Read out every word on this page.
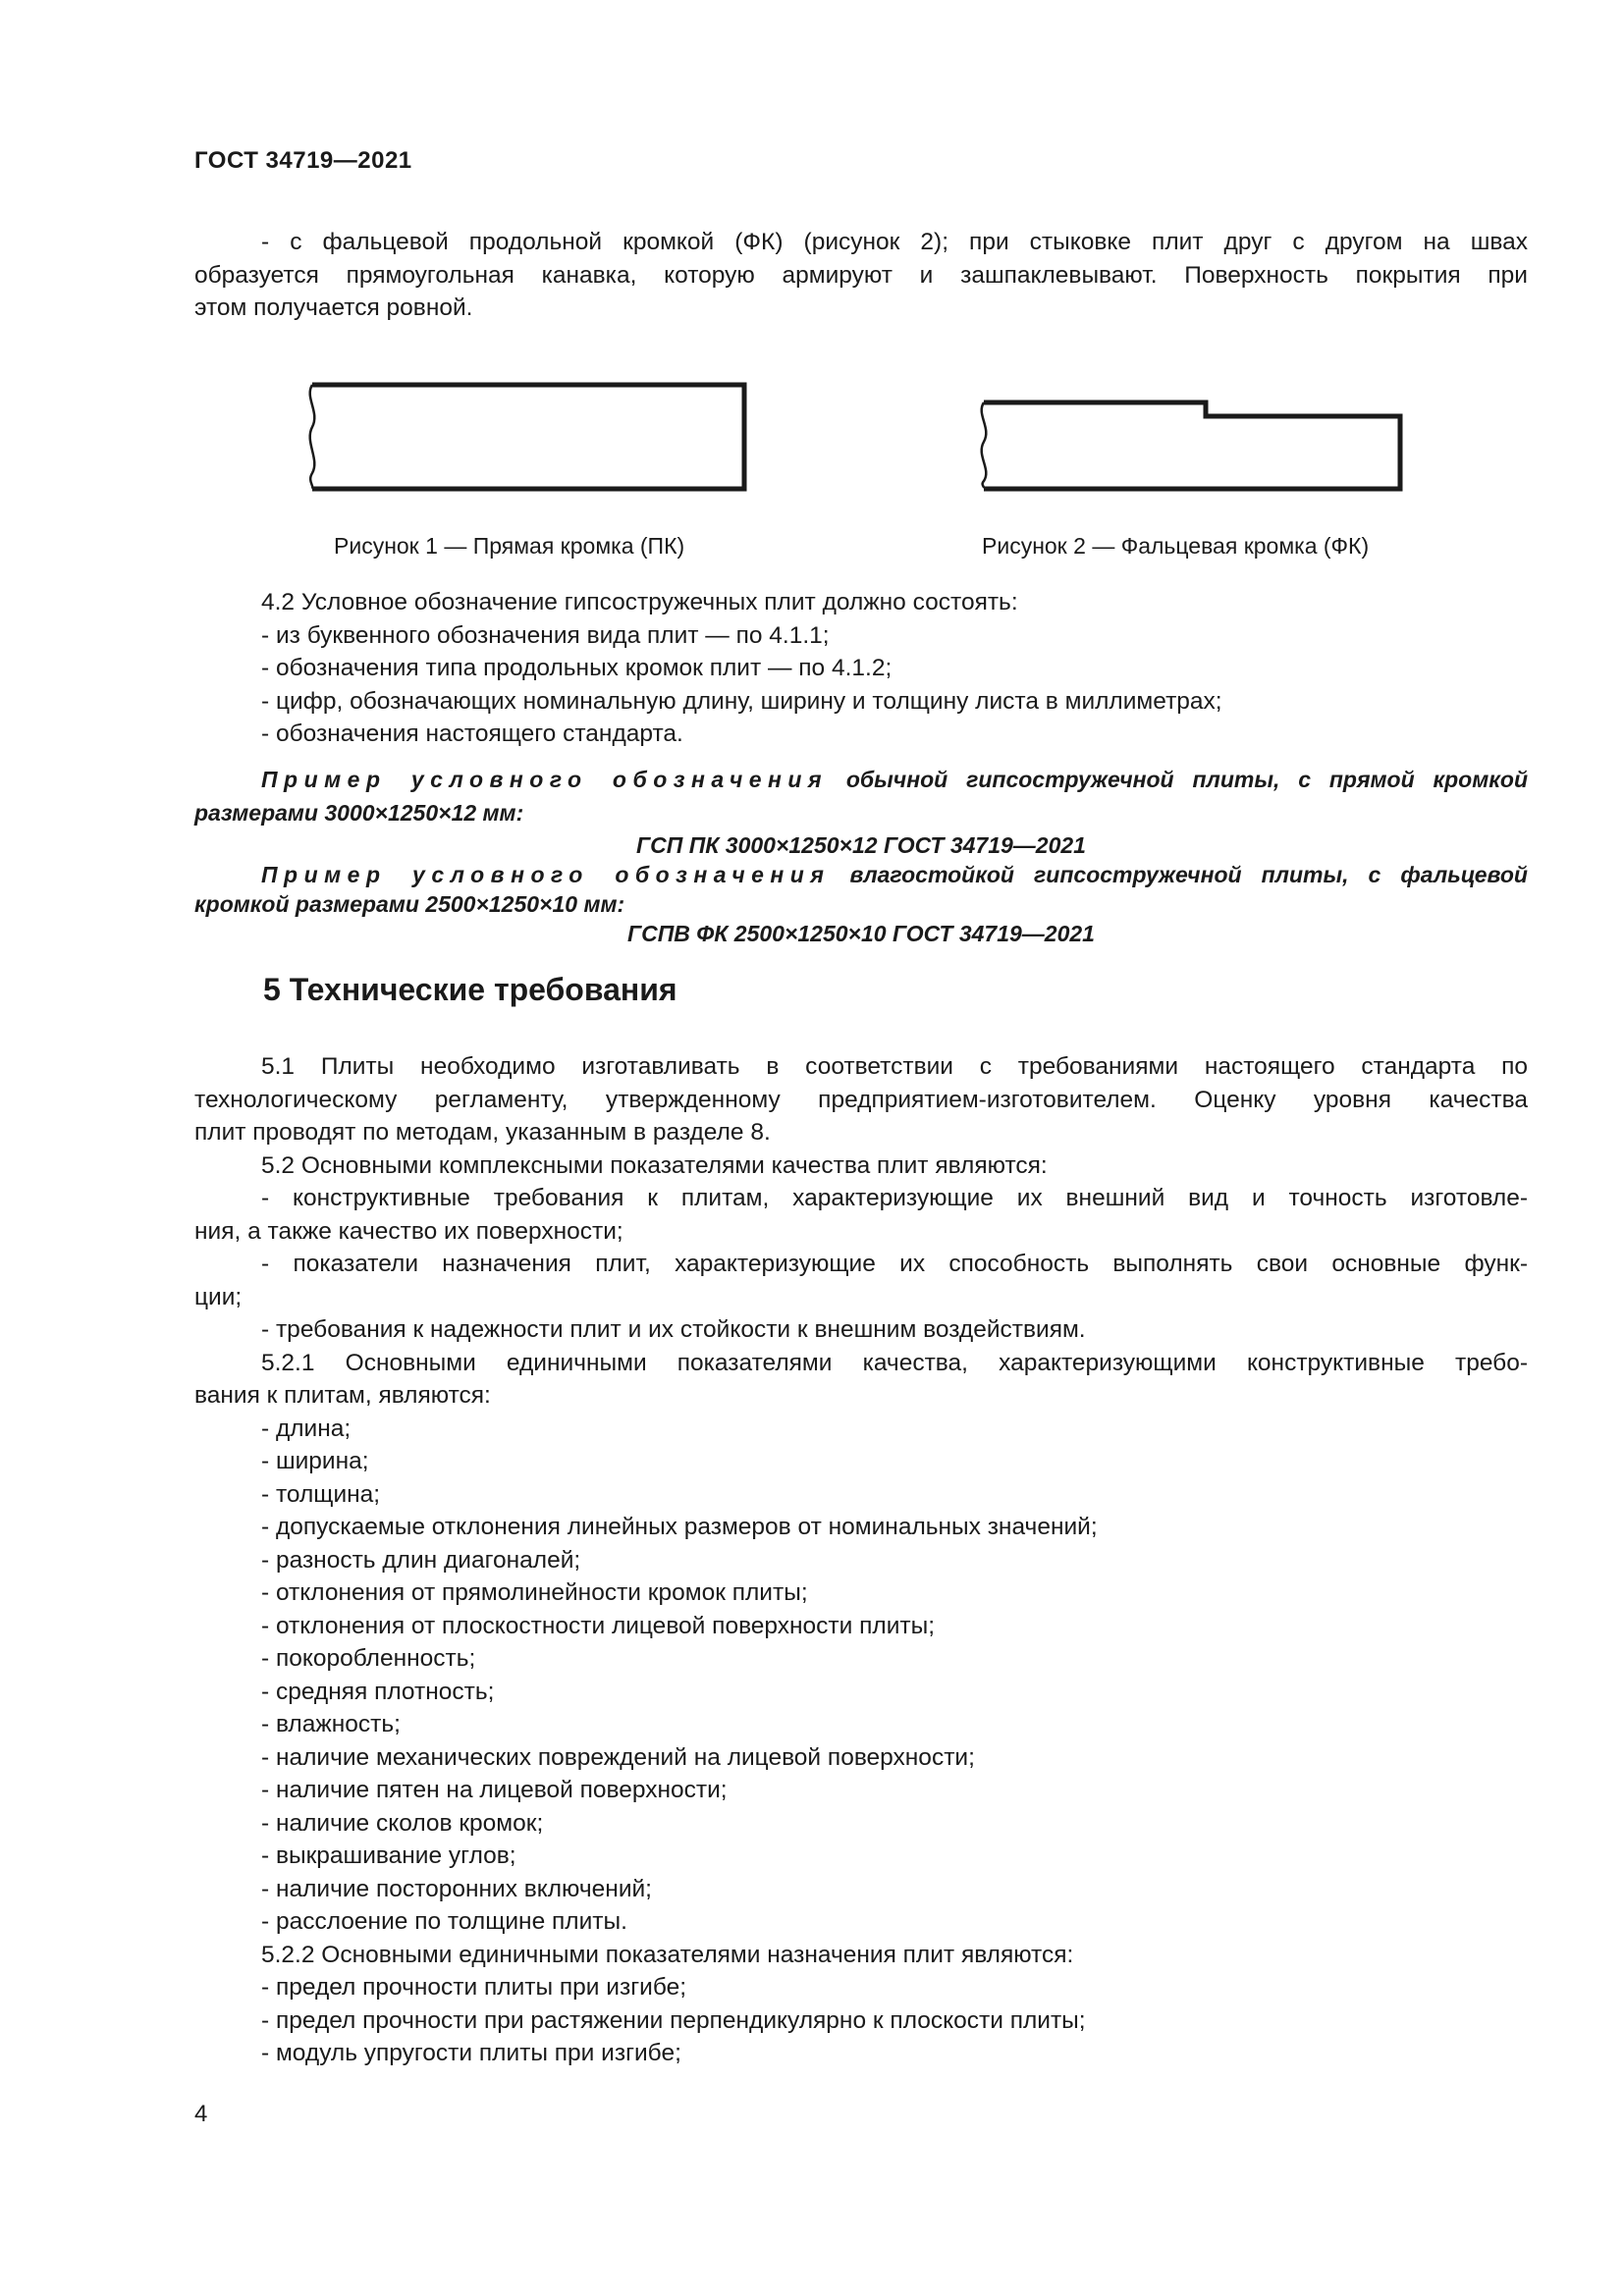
ГОСТ 34719—2021
- с фальцевой продольной кромкой (ФК) (рисунок 2); при стыковке плит друг с другом на швах
образуется прямоугольная канавка, которую армируют и зашпаклевывают. Поверхность покрытия при
этом получается ровной.
Рисунок 1 — Прямая кромка (ПК)	Рисунок 2 — Фальцевая кромка (ФК)
4.2 Условное обозначение гипсостружечных плит должно состоять:
- из буквенного обозначения вида плит — по 4.1.1;
- обозначения типа продольных кромок плит — по 4.1.2;
- цифр, обозначающих номинальную длину, ширину и толщину листа в миллиметрах;
- обозначения настоящего стандарта.
Пример условного обозначения обычной гипсостружечной плиты, с прямой кромкой
размерами 3000×1250×12 мм:
ГСП ПК 3000×1250×12 ГОСТ 34719—2021
Пример условного обозначения влагостойкой гипсостружечной плиты, с фальцевой
кромкой размерами 2500×1250×10 мм:
ГСПВ ФК 2500×1250×10 ГОСТ 34719—2021
5 Технические требования
5.1 Плиты необходимо изготавливать в соответствии с требованиями настоящего стандарта по
технологическому регламенту, утвержденному предприятием-изготовителем. Оценку уровня качества
плит проводят по методам, указанным в разделе 8.
5.2 Основными комплексными показателями качества плит являются:
- конструктивные требования к плитам, характеризующие их внешний вид и точность изготовле-
ния, а также качество их поверхности;
- показатели назначения плит, характеризующие их способность выполнять свои основные функ-
ции;
- требования к надежности плит и их стойкости к внешним воздействиям.
5.2.1 Основными единичными показателями качества, характеризующими конструктивные требо-
вания к плитам, являются:
- длина;
- ширина;
- толщина;
- допускаемые отклонения линейных размеров от номинальных значений;
- разность длин диагоналей;
- отклонения от прямолинейности кромок плиты;
- отклонения от плоскостности лицевой поверхности плиты;
- покоробленность;
- средняя плотность;
- влажность;
- наличие механических повреждений на лицевой поверхности;
- наличие пятен на лицевой поверхности;
- наличие сколов кромок;
- выкрашивание углов;
- наличие посторонних включений;
- расслоение по толщине плиты.
5.2.2 Основными единичными показателями назначения плит являются:
- предел прочности плиты при изгибе;
- предел прочности при растяжении перпендикулярно к плоскости плиты;
- модуль упругости плиты при изгибе;
4
